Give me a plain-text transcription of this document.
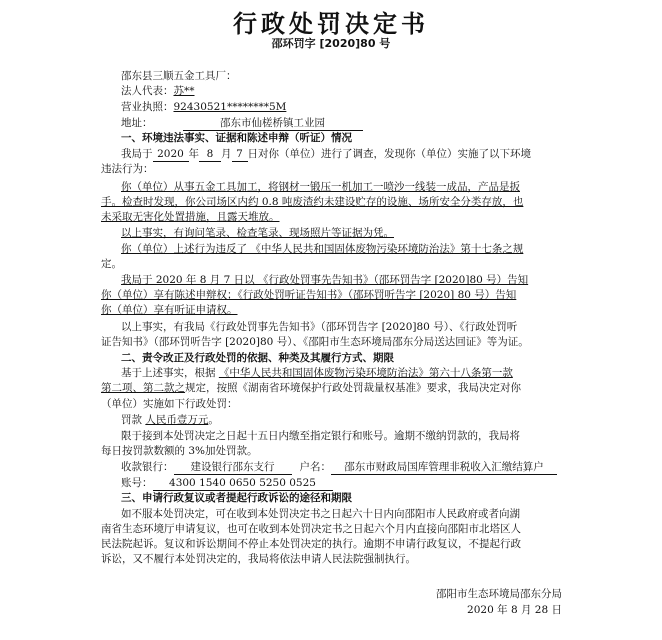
行政处罚决定书
邵环罚字 [2020]80 号
邵东县三顺五金工具厂：
法人代表：苏**
营业执照：92430521********5M
地址：	邵东市仙槎桥镇工业园
一、环境违法事实、证据和陈述申辩（听证）情况
我局于 2020 年 8 月 7 日对你（单位）进行了调查，发现你（单位）实施了以下环境
违法行为：
你（单位）从事五金工具加工，将钢材一锻压一机加工一喷沙一线装一成品，产品是扳
手。检查时发现，你公司场区内约 0.8 吨废渣约未建设贮存的设施、场所安全分类存放，也
未采取无害化处置措施，且露天堆放。
以上事实，有询问笔录、检查笔录、现场照片等证据为凭。
你（单位）上述行为违反了 《中华人民共和国固体废物污染环境防治法》第十七条之规
定。
我局于 2020 年 8 月 7 日以 《行政处罚事先告知书》（邵环罚告字 [2020]80 号）告知
你（单位）享有陈述申辩权；《行政处罚听证告知书》（邵环罚听告字 [2020] 80 号）告知
你（单位）享有听证申请权。
以上事实，有我局《行政处罚事先告知书》（邵环罚告字 [2020]80 号）、《行政处罚听
证告知书》（邵环罚听告字 [2020]80 号）、《邵阳市生态环境局邵东分局送达回证》等为证。
二、责令改正及行政处罚的依据、种类及其履行方式、期限
基于上述事实，根据 《中华人民共和国固体废物污染环境防治法》第六十八条第一款
第二项、第二款之规定，按照《湖南省环境保护行政处罚裁量权基准》要求，我局决定对你
（单位）实施如下行政处罚：
罚款 人民币壹万元。
限于接到本处罚决定之日起十五日内缴至指定银行和账号。逾期不缴纳罚款的，我局将
每日按罚款数额的 3%加处罚款。
收款银行： 建设银行邵东支行 户名： 邵东市财政局国库管理非税收入汇缴结算户
账号： 4300 1540 0650 5250 0525
三、申请行政复议或者提起行政诉讼的途径和期限
如不服本处罚决定，可在收到本处罚决定书之日起六十日内向邵阳市人民政府或者向湖
南省生态环境厅申请复议，也可在收到本处罚决定书之日起六个月内直接向邵阳市北塔区人
民法院起诉。复议和诉讼期间不停止本处罚决定的执行。逾期不申请行政复议，不提起行政
诉讼，又不履行本处罚决定的，我局将依法申请人民法院强制执行。
邵阳市生态环境局邵东分局
2020 年 8 月 28 日
